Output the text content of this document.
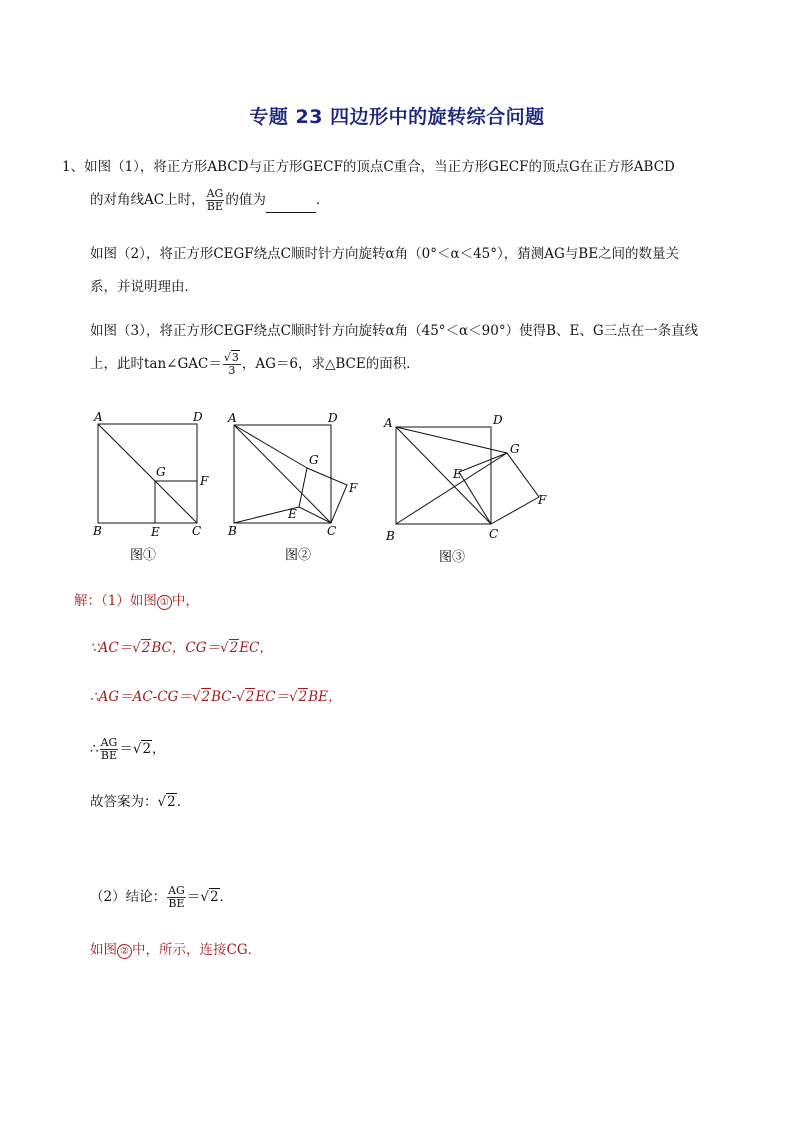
专题 23 四边形中的旋转综合问题
1、如图（1），将正方形ABCD与正方形GECF的顶点C重合，当正方形GECF的顶点G在正方形ABCD
的对角线AC上时， $\frac{AG}{BE}$ 的值为	．
如图（2），将正方形CEGF绕点C顺时针方向旋转α角（0°＜α＜45°），猜测AG与BE之间的数量关
系，并说明理由．
如图（3），将正方形CEGF绕点C顺时针方向旋转α角（45°＜α＜90°）使得B、E、G三点在一条直线
上，此时tan∠GAC＝ $\frac{√3}{3}$ ，AG＝6，求△BCE的面积．
A	D
B	C
G
F
E
图①
A	D
B	C
G
F
E
图②
A	D
B	C
G
F
E
图③
解：（1）如图 ① 中，
∵AC＝√2BC，CG＝√2EC，
∴AG＝AC-CG＝√2BC-√2EC＝√2BE，
∴ $\frac{AG}{BE} =√2$，
故答案为：√2．
（2）结论： $\frac{AG}{BE} =√2$．
如图 ② 中，所示，连接CG．
